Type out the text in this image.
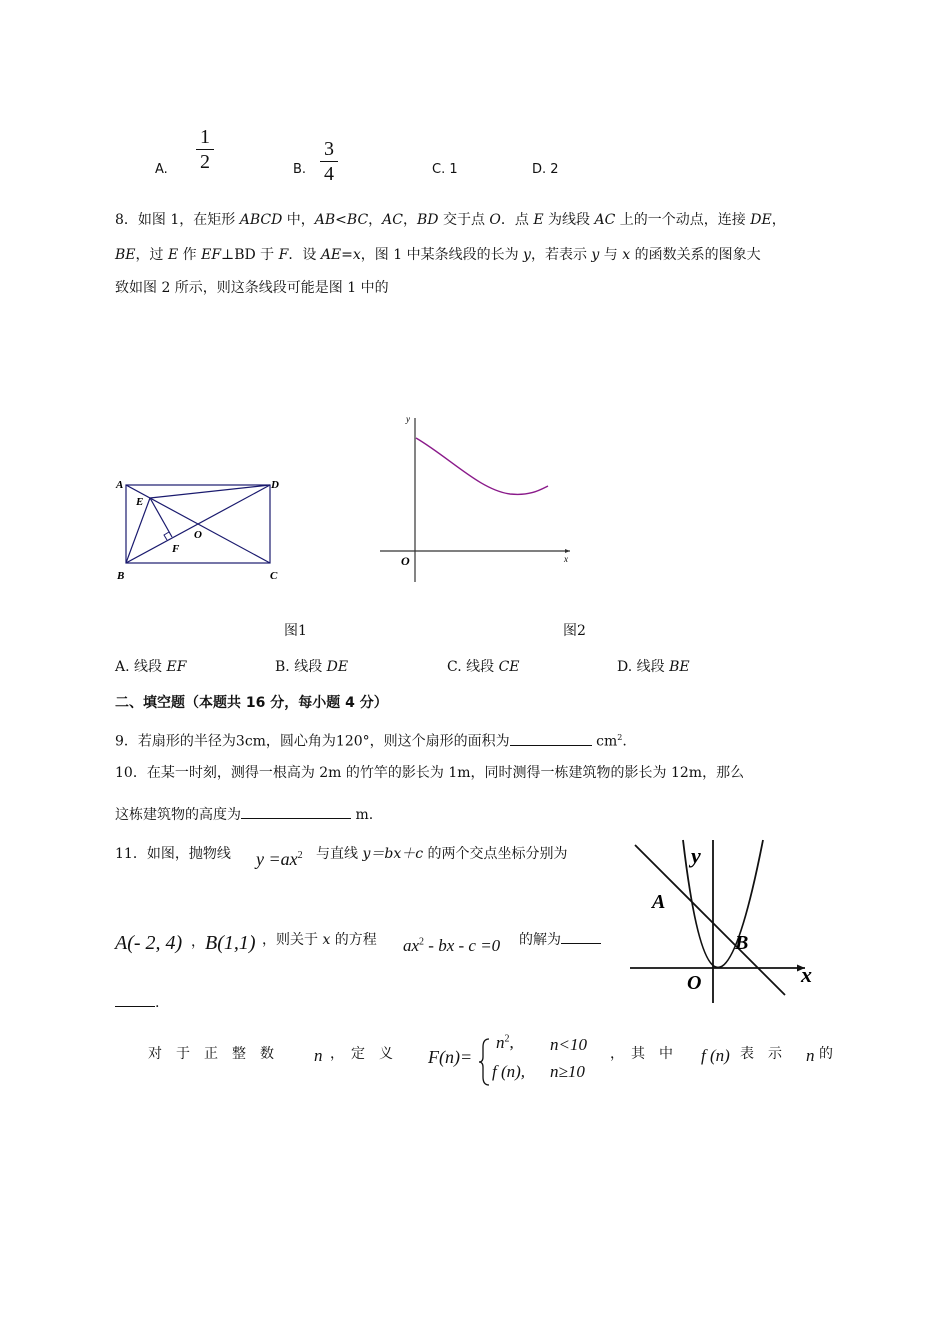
A.
1
2	B.
3
4	C. 1	D. 2
8．如图 1，在矩形 ABCD 中，AB<BC，AC，BD 交于点 O．点 E 为线段 AC 上的一个动点，连接 DE，
BE，过 E 作 EF⊥BD 于 F．设 AE=x，图 1 中某条线段的长为 y，若表示 y 与 x 的函数关系的图象大
致如图 2 所示，则这条线段可能是图 1 中的
A
B	C
D
E
F
O
y
x
O
图1	图2
A. 线段 EF	B. 线段 DE	C. 线段 CE	D. 线段 BE
二、填空题（本题共 16 分，每小题 4 分）
9．若扇形的半径为3cm，圆心角为120°，则这个扇形的面积为	$cm^2$.
10．在某一时刻，测得一根高为 2m 的竹竿的影长为 1m，同时测得一栋建筑物的影长为 12m，那么
这栋建筑物的高度为	m.
11．如图，抛物线 $y =ax^2$ 与直线 y＝bx＋c 的两个交点坐标分别为
A(- 2, 4) ， B(1,1) ，则关于 x 的方程 $ax^2$ - bx - c =0 的解为
.
y
x
A
B
O
对　于　正　整　数 n ，　定　义 F(n)=
$n^2$, n<10
f (n), n≥10
，　其　中 f (n) 表　示 n 的
